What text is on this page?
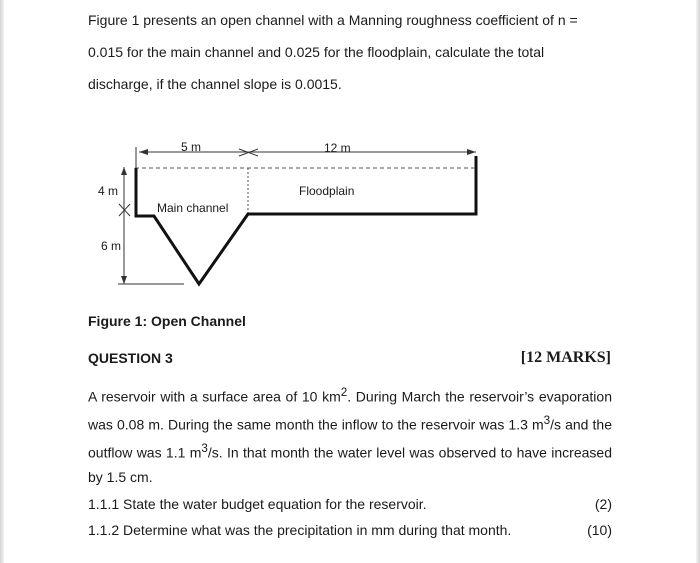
Figure 1 presents an open channel with a Manning roughness coefficient of n = 0.015 for the main channel and 0.025 for the floodplain, calculate the total discharge, if the channel slope is 0.0015.

5 m	12 m
4 m
6 m
Floodplain
Main channel
Figure 1: Open Channel
QUESTION 3	[12 MARKS]

A reservoir with a surface area of 10 $km^2$. During March the reservoir’s evaporation was 0.08 m. During the same month the inflow to the reservoir was 1.3 $m^3/s$ and the outflow was 1.1 $m^3/s$. In that month the water level was observed to have increased by 1.5 cm.

1.1.1 State the water budget equation for the reservoir.	(2)
1.1.2 Determine what was the precipitation in mm during that month.	(10)
